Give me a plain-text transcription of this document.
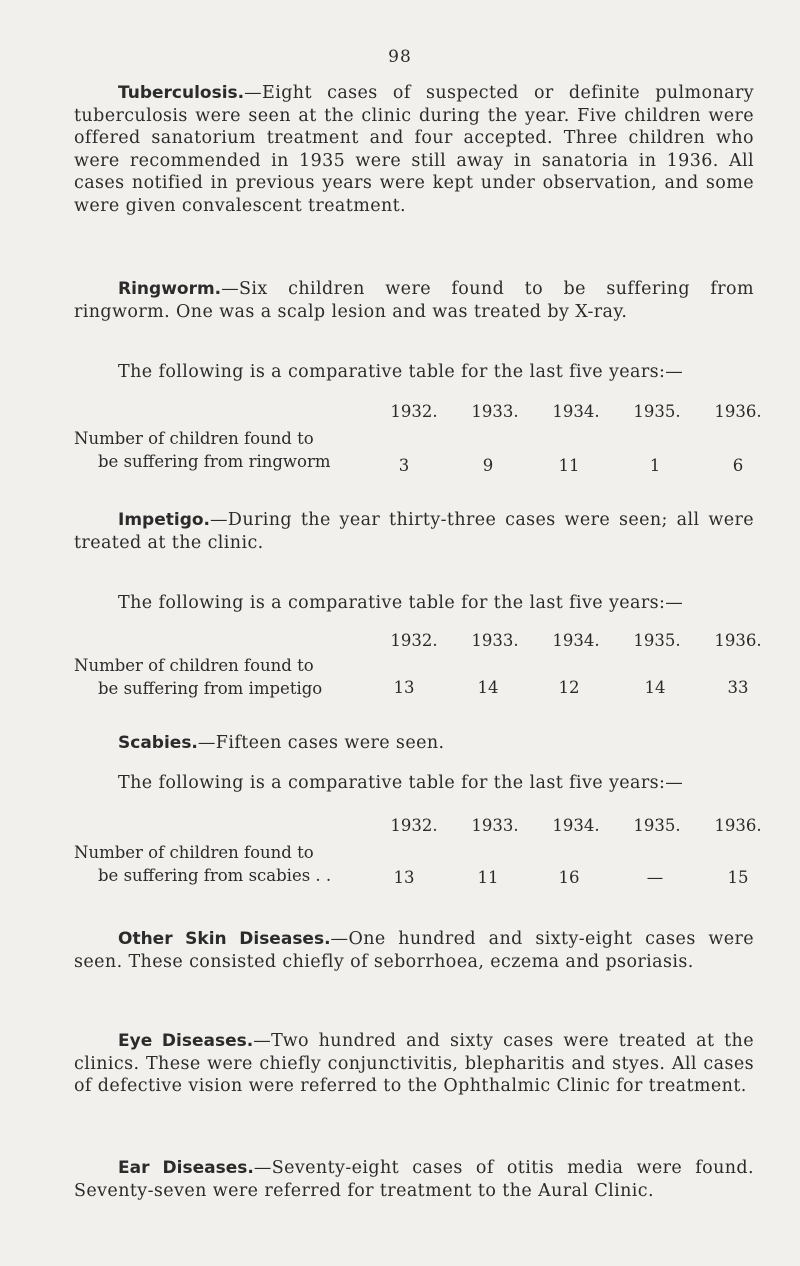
98

Tuberculosis.—Eight cases of suspected or definite pulmonary tuberculosis were seen at the clinic during the year. Five children were offered sanatorium treatment and four accepted. Three children who were recommended in 1935 were still away in sanatoria in 1936. All cases notified in previous years were kept under observation, and some were given convalescent treatment.

Ringworm.—Six children were found to be suffering from ringworm. One was a scalp lesion and was treated by X-ray.

The following is a comparative table for the last five years:—
1932.	1933.	1934.	1935.	1936.
Number of children found to
be suffering from ringworm	3	9	11	1	6

Impetigo.—During the year thirty-three cases were seen; all were treated at the clinic.

The following is a comparative table for the last five years:—
1932.	1933.	1934.	1935.	1936.
Number of children found to
be suffering from impetigo	13	14	12	14	33

Scabies.—Fifteen cases were seen.

The following is a comparative table for the last five years:—
1932.	1933.	1934.	1935.	1936.
Number of children found to
be suffering from scabies . .	13	11	16	—	15

Other Skin Diseases.—One hundred and sixty-eight cases were seen. These consisted chiefly of seborrhoea, eczema and psoriasis.

Eye Diseases.—Two hundred and sixty cases were treated at the clinics. These were chiefly conjunctivitis, blepharitis and styes. All cases of defective vision were referred to the Ophthalmic Clinic for treatment.

Ear Diseases.—Seventy-eight cases of otitis media were found. Seventy-seven were referred for treatment to the Aural Clinic.
